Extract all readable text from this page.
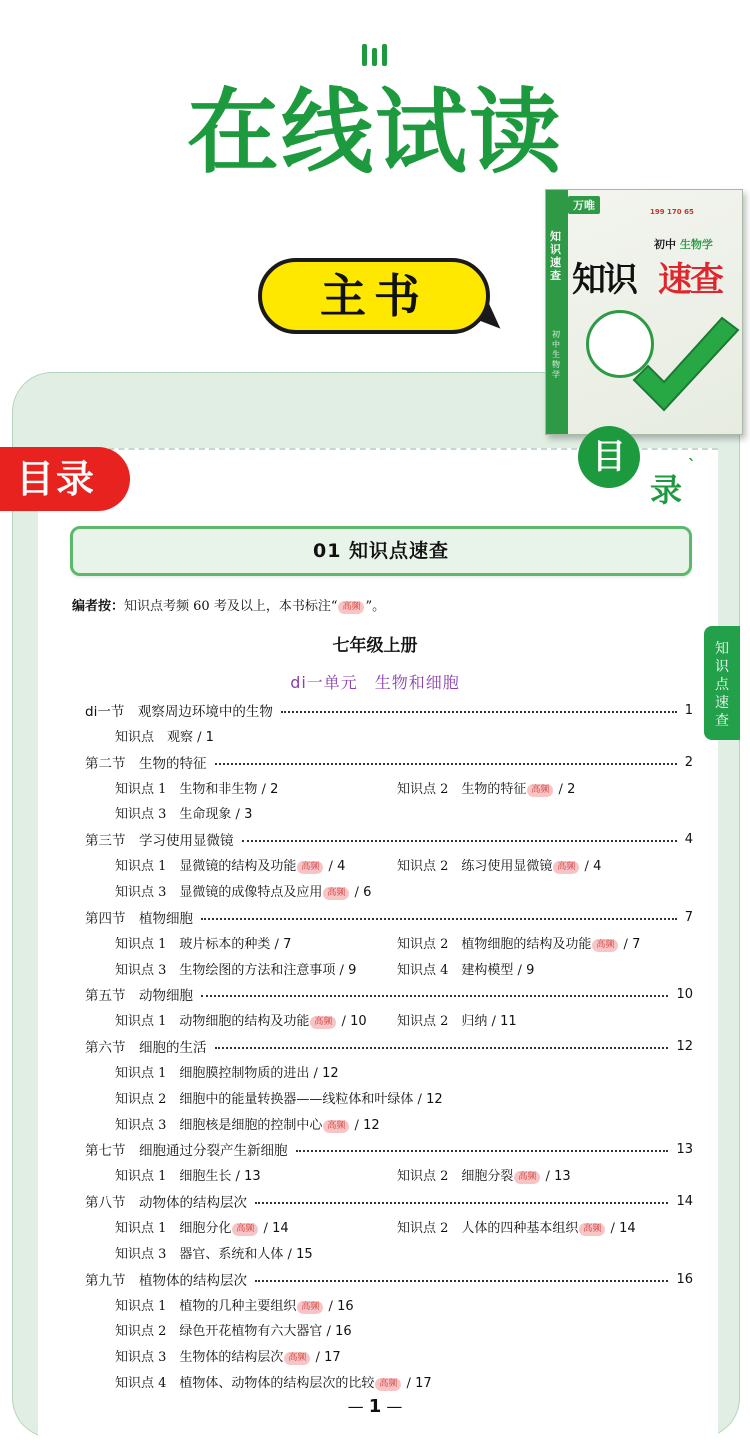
在线试读
主书
知识速查
初中生物学
万唯	199 170 65
初中 生物学
知识 速查
目录	目
录
ˋ
01 知识点速查
知识点速查
编者按：知识点考频 60 考及以上，本书标注“ 高频 ”。
七年级上册
di一单元　生物和细胞
di一节　观察周边环境中的生物	1
知识点　观察 / 1
第二节　生物的特征	2
知识点 1　生物和非生物 / 2	知识点 2　生物的特征 高频 / 2
知识点 3　生命现象 / 3
第三节　学习使用显微镜	4
知识点 1　显微镜的结构及功能 高频 / 4	知识点 2　练习使用显微镜 高频 / 4
知识点 3　显微镜的成像特点及应用 高频 / 6
第四节　植物细胞	7
知识点 1　玻片标本的种类 / 7	知识点 2　植物细胞的结构及功能 高频 / 7
知识点 3　生物绘图的方法和注意事项 / 9	知识点 4　建构模型 / 9
第五节　动物细胞	10
知识点 1　动物细胞的结构及功能 高频 / 10 知识点 2　归纳 / 11
第六节　细胞的生活	12
知识点 1　细胞膜控制物质的进出 / 12
知识点 2　细胞中的能量转换器——线粒体和叶绿体 / 12
知识点 3　细胞核是细胞的控制中心 高频 / 12
第七节　细胞通过分裂产生新细胞	13
知识点 1　细胞生长 / 13	知识点 2　细胞分裂 高频 / 13
第八节　动物体的结构层次	14
知识点 1　细胞分化 高频 / 14	知识点 2　人体的四种基本组织 高频 / 14
知识点 3　器官、系统和人体 / 15
第九节　植物体的结构层次	16
知识点 1　植物的几种主要组织 高频 / 16
知识点 2　绿色开花植物有六大器官 / 16
知识点 3　生物体的结构层次 高频 / 17
知识点 4　植物体、动物体的结构层次的比较 高频 / 17
— 1 —
